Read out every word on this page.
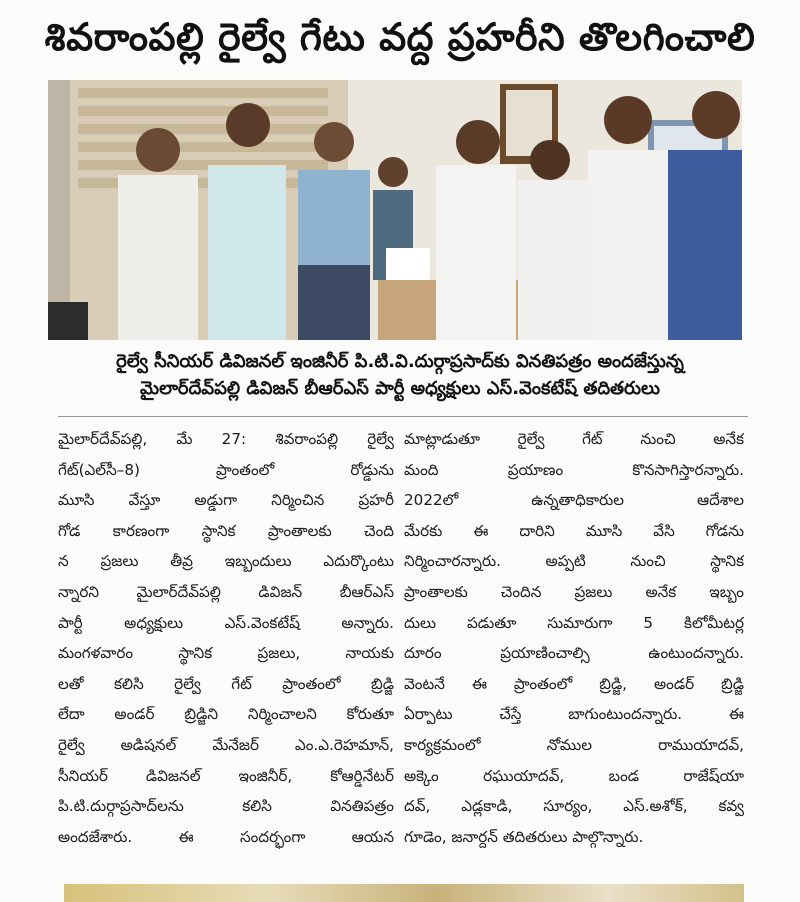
శివరాంపల్లి రైల్వే గేటు వద్ద ప్రహరీని తొలగించాలి
రైల్వే సీనియర్ డివిజనల్ ఇంజినీర్ పి.టి.వి.దుర్గాప్రసాద్‌కు వినతిపత్రం అందజేస్తున్న
మైలార్‌దేవ్‌పల్లి డివిజన్ బీఆర్ఎస్ పార్టీ అధ్యక్షులు ఎస్.వెంకటేష్ తదితరులు
మైలార్‌దేవ్‌పల్లి, మే 27: శివరాంపల్లి రైల్వే
గేట్(ఎల్‌సీ–8) ప్రాంతంలో రోడ్డును
మూసి వేస్తూ అడ్డుగా నిర్మించిన ప్రహరీ
గోడ కారణంగా స్థానిక ప్రాంతాలకు చెంది
న ప్రజలు తీవ్ర ఇబ్బందులు ఎదుర్కొంటు
న్నారని మైలార్‌దేవ్‌పల్లి డివిజన్ బీఆర్ఎస్
పార్టీ అధ్యక్షులు ఎస్.వెంకటేష్ అన్నారు.
మంగళవారం స్థానిక ప్రజలు, నాయకు
లతో కలిసి రైల్వే గేట్ ప్రాంతంలో బ్రిడ్జి
లేదా అండర్ బ్రిడ్జిని నిర్మించాలని కోరుతూ
రైల్వే అడిషనల్ మేనేజర్ ఎం.ఎ.రెహమాన్,
సీనియర్ డివిజనల్ ఇంజినీర్, కోఆర్డినేటర్
పి.టి.దుర్గాప్రసాద్‌లను కలిసి వినతిపత్రం
అందజేశారు. ఈ సందర్భంగా ఆయన
మాట్లాడుతూ రైల్వే గేట్ నుంచి అనేక
మంది ప్రయాణం కొనసాగిస్తారన్నారు.
2022లో ఉన్నతాధికారుల ఆదేశాల
మేరకు ఈ దారిని మూసి వేసి గోడను
నిర్మించారన్నారు. అప్పటి నుంచి స్థానిక
ప్రాంతాలకు చెందిన ప్రజలు అనేక ఇబ్బం
దులు పడుతూ సుమారుగా 5 కిలోమీటర్ల
దూరం ప్రయాణించాల్సి ఉంటుందన్నారు.
వెంటనే ఈ ప్రాంతంలో బ్రిడ్జి, అండర్ బ్రిడ్జి
ఏర్పాటు చేస్తే బాగుంటుందన్నారు. ఈ
కార్యక్రమంలో నోముల రాముయాదవ్,
అక్కెం రఘుయాదవ్, బండ రాజేష్‌యా
దవ్, ఎడ్లకాడి, సూర్యం, ఎస్.అశోక్, కవ్వ
గూడెం, జనార్దన్ తదితరులు పాల్గొన్నారు.
